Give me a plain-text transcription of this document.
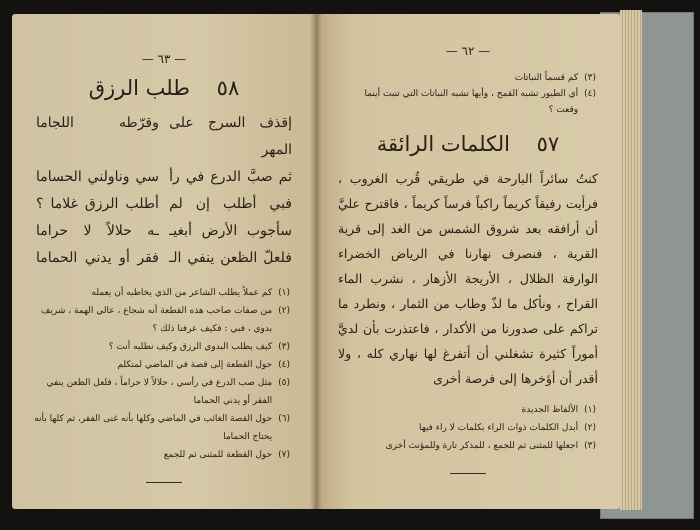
— ٦٣ —
٥٨    طلب الرزق
إقذف السرج على المهر
وقرّطه اللجاما
ثم صبَّ الدرع في رأ
سي وناولني الحساما
فبي أطلب إن لم
أطلب الرزق غلاما ؟
سأجوب الأرض أبغيـ
ـه حلالاً لا حراما
فلعلّ الظعن ينفي الـ
فقر أو يدني الحماما
(١)
كم عملاً يطلب الشاعر من الذي يخاطبه أن يعمله
(٢)
من صفات صاحب هذه القطعة أنه شجاع ، عالي الهمة ، شريف بدوي ، فبي : فكيف عرفنا ذلك ؟
(٣)
كيف يطلب البدوي الرزق وكيف نطلبه أنت ؟
(٤)
حول القطعة إلى قصة في الماضي لمتكلم
(٥)
مثل صب الدرع في رأسي ، حلالاً لا حراماً ، فلعل الظعن ينفي الفقر أو يدني الحماما
(٦)
حول القصة الغائب في الماضي وكلها بأنه غنى الفقر، ثم كلها بأنه يحتاج الحماما
(٧)
حول القطعة للمثنى ثم للجمع
— ٦٢ —
(٣)
كم قسماً النباتات
(٤)
أي الطيور تشبه القمح ، وأيها تشبه النباتات التي تنبت أينما وقعت ؟
٥٧    الكلمات الرائقة
كنتُ سائراً البارحة في طريقي قُرب الغروب ، فرأيت رفيقاً كريماً راكباً فرساً كريماً ، فاقترح عليَّ أن أرافقه بعد شروق الشمس من الغد إلى قرية القرية ، فنصرف نهارنا في الرياض الخضراء الوارفة الظلال ، الأريجة الأزهار ، نشرب الماء القراح ، ونأكل ما لذّ وطاب من الثمار ، ونطرد ما تراكم على صدورنا من الأكدار ، فاعتذرت بأن لديَّ أموراً كثيرة تشغلني أن أتفرغ لها نهاري كله ، ولا أقدر أن أؤخرها إلى فرصة أخرى
(١)
الألفاظ الجديدة
(٢)
أبدل الكلمات ذوات الراء بكلمات لا راء فيها
(٣)
اجعلها للمثنى ثم للجمع ، للمذكر تارة وللمؤنث أخرى
